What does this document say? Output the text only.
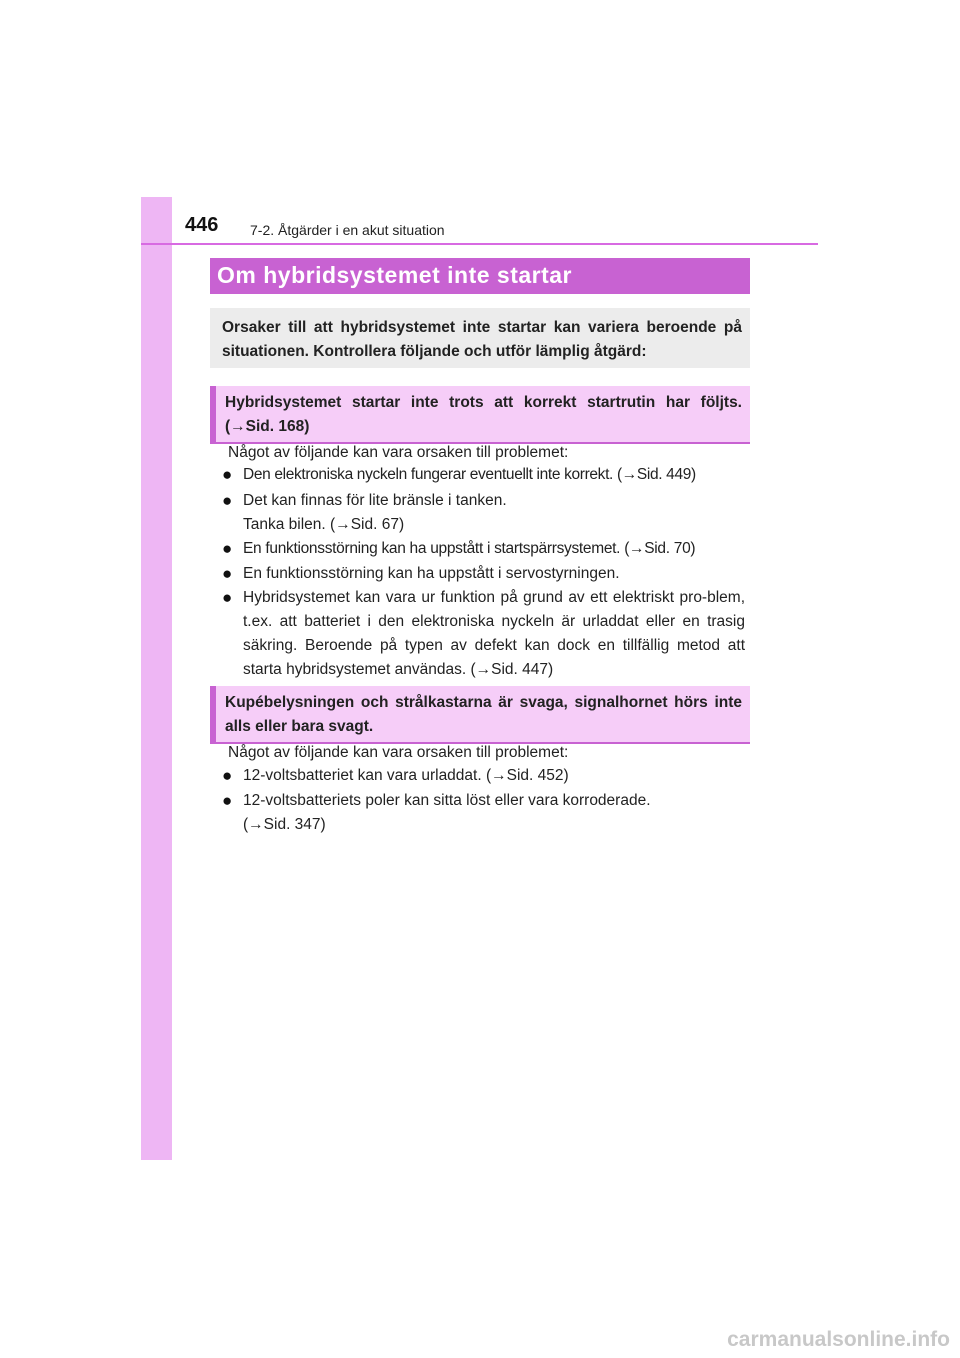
446 7-2. Åtgärder i en akut situation
Om hybridsystemet inte startar

Orsaker till att hybridsystemet inte startar kan variera beroende på situationen. Kontrollera följande och utför lämplig åtgärd:

Hybridsystemet startar inte trots att korrekt startrutin har följts. (→Sid. 168)

Något av följande kan vara orsaken till problemet:
● Den elektroniska nyckeln fungerar eventuellt inte korrekt. (→Sid. 449)
● Det kan finnas för lite bränsle i tanken.
Tanka bilen. (→Sid. 67)
● En funktionsstörning kan ha uppstått i startspärrsystemet. (→Sid. 70)
● En funktionsstörning kan ha uppstått i servostyrningen.
● Hybridsystemet kan vara ur funktion på grund av ett elektriskt pro-blem, t.ex. att batteriet i den elektroniska nyckeln är urladdat eller en trasig säkring. Beroende på typen av defekt kan dock en tillfällig metod att starta hybridsystemet användas. (→Sid. 447)

Kupébelysningen och strålkastarna är svaga, signalhornet hörs inte alls eller bara svagt.

Något av följande kan vara orsaken till problemet:
● 12-voltsbatteriet kan vara urladdat. (→Sid. 452)
● 12-voltsbatteriets poler kan sitta löst eller vara korroderade.
(→Sid. 347)
carmanualsonline.info
